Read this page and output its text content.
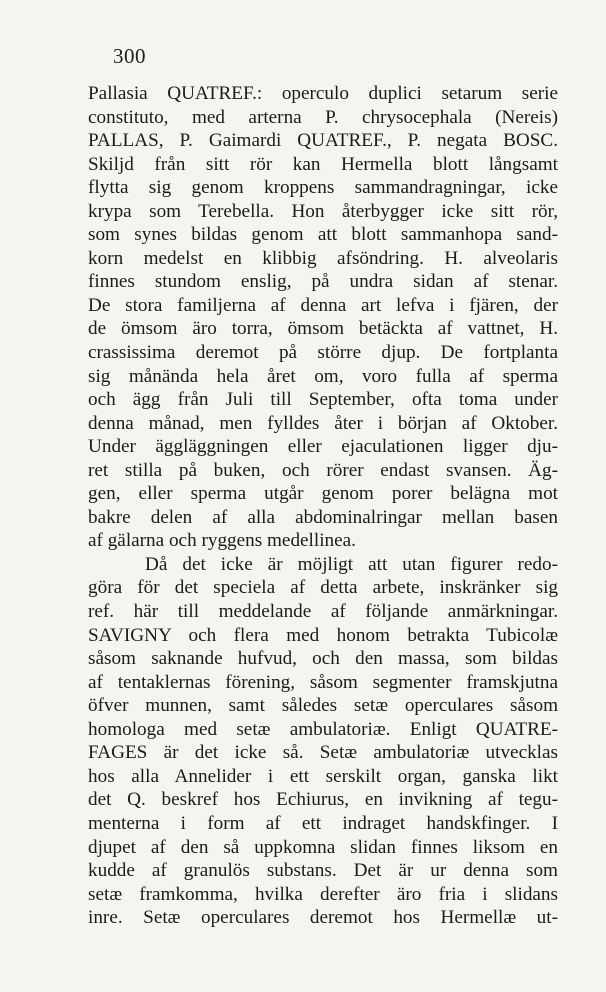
300
Pallasia QUATREF.: operculo duplici setarum serie
constituto, med arterna P. chrysocephala (Nereis)
PALLAS, P. Gaimardi QUATREF., P. negata BOSC.
Skiljd från sitt rör kan Hermella blott långsamt
flytta sig genom kroppens sammandragningar, icke
krypa som Terebella. Hon återbygger icke sitt rör,
som synes bildas genom att blott sammanhopa sand-
korn medelst en klibbig afsöndring. H. alveolaris
finnes stundom enslig, på undra sidan af stenar.
De stora familjerna af denna art lefva i fjären, der
de ömsom äro torra, ömsom betäckta af vattnet, H.
crassissima deremot på större djup. De fortplanta
sig månända hela året om, voro fulla af sperma
och ägg från Juli till September, ofta toma under
denna månad, men fylldes åter i början af Oktober.
Under äggläggningen eller ejaculationen ligger dju-
ret stilla på buken, och rörer endast svansen. Äg-
gen, eller sperma utgår genom porer belägna mot
bakre delen af alla abdominalringar mellan basen
af gälarna och ryggens medellinea.
Då det icke är möjligt att utan figurer redo-
göra för det speciela af detta arbete, inskränker sig
ref. här till meddelande af följande anmärkningar.
SAVIGNY och flera med honom betrakta Tubicolæ
såsom saknande hufvud, och den massa, som bildas
af tentaklernas förening, såsom segmenter framskjutna
öfver munnen, samt således setæ operculares såsom
homologa med setæ ambulatoriæ. Enligt QUATRE-
FAGES är det icke så. Setæ ambulatoriæ utvecklas
hos alla Annelider i ett serskilt organ, ganska likt
det Q. beskref hos Echiurus, en invikning af tegu-
menterna i form af ett indraget handskfinger. I
djupet af den så uppkomna slidan finnes liksom en
kudde af granulös substans. Det är ur denna som
setæ framkomma, hvilka derefter äro fria i slidans
inre. Setæ operculares deremot hos Hermellæ ut-
